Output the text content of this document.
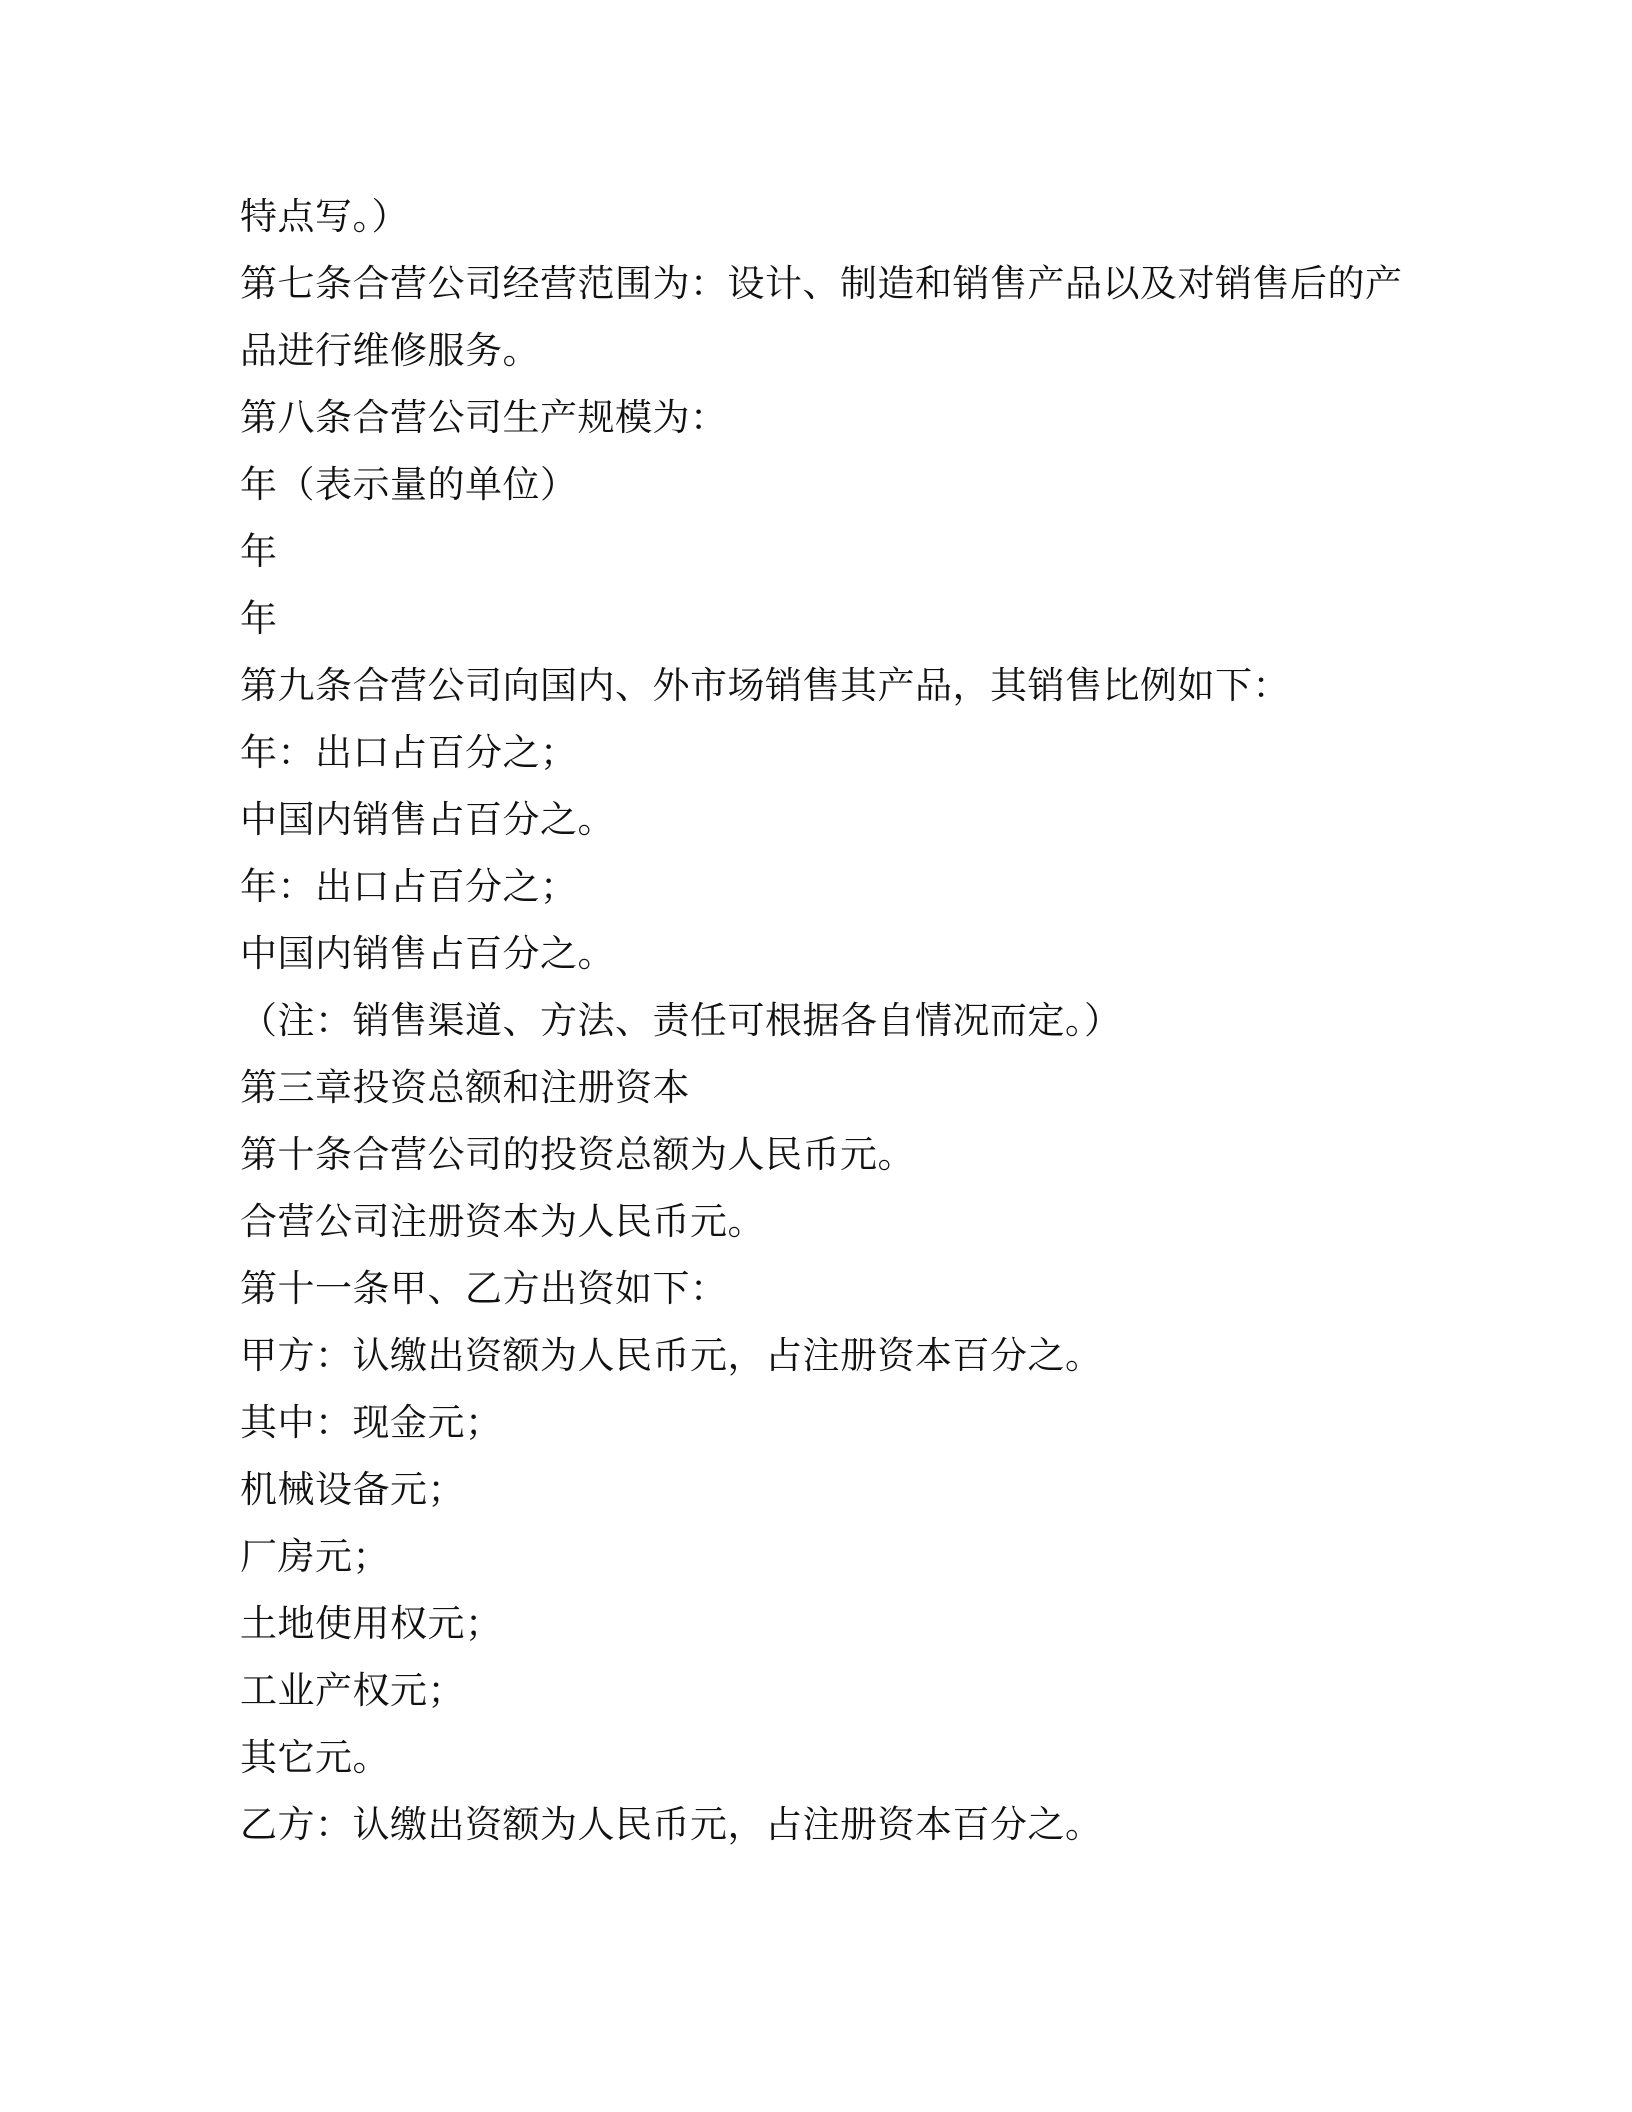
特点写。）
第七条合营公司经营范围为：设计、制造和销售产品以及对销售后的产
品进行维修服务。
第八条合营公司生产规模为：
年（表示量的单位）
年
年
第九条合营公司向国内、外市场销售其产品，其销售比例如下：
年：出口占百分之；
中国内销售占百分之。
年：出口占百分之；
中国内销售占百分之。
（注：销售渠道、方法、责任可根据各自情况而定。）
第三章投资总额和注册资本
第十条合营公司的投资总额为人民币元。
合营公司注册资本为人民币元。
第十一条甲、乙方出资如下：
甲方：认缴出资额为人民币元，占注册资本百分之。
其中：现金元；
机械设备元；
厂房元；
土地使用权元；
工业产权元；
其它元。
乙方：认缴出资额为人民币元，占注册资本百分之。
